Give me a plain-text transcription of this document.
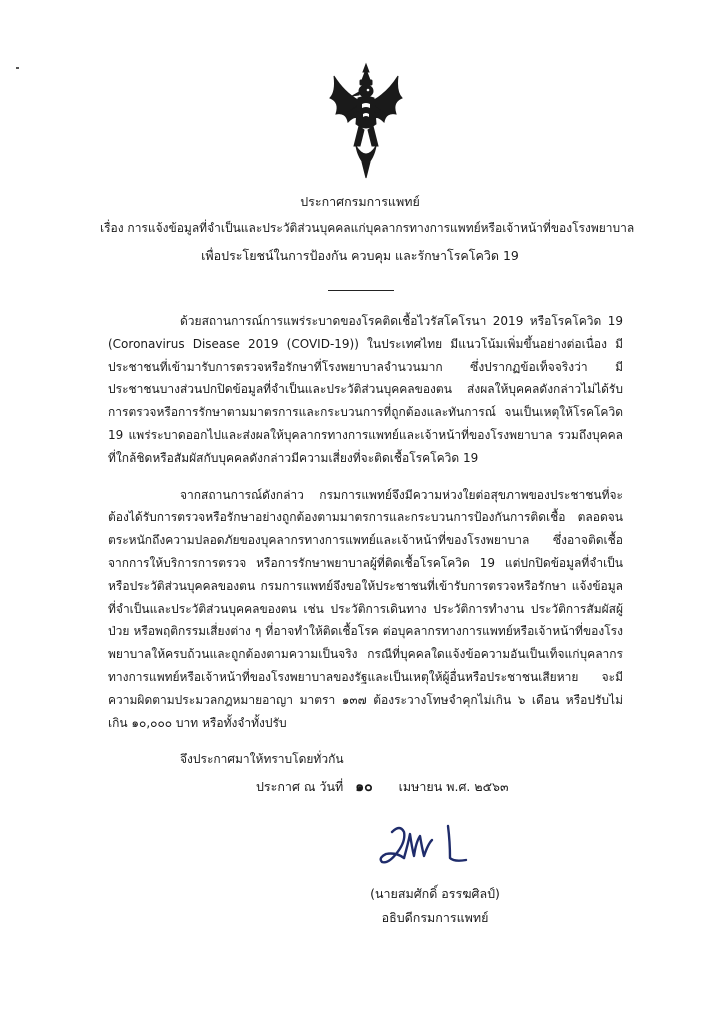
ประกาศกรมการแพทย์
เรื่อง การแจ้งข้อมูลที่จำเป็นและประวัติส่วนบุคคลแก่บุคลากรทางการแพทย์หรือเจ้าหน้าที่ของโรงพยาบาล
เพื่อประโยชน์ในการป้องกัน ควบคุม และรักษาโรคโควิด 19

ด้วยสถานการณ์การแพร่ระบาดของโรคติดเชื้อไวรัสโคโรนา 2019 หรือโรคโควิด 19 (Coronavirus Disease 2019 (COVID-19)) ในประเทศไทย มีแนวโน้มเพิ่มขึ้นอย่างต่อเนื่อง มีประชาชนที่เข้ามารับการตรวจหรือรักษาที่โรงพยาบาลจำนวนมาก ซึ่งปรากฏข้อเท็จจริงว่า มีประชาชนบางส่วนปกปิดข้อมูลที่จำเป็นและประวัติส่วนบุคคลของตน ส่งผลให้บุคคลดังกล่าวไม่ได้รับการตรวจหรือการรักษาตามมาตรการและกระบวนการที่ถูกต้องและทันการณ์ จนเป็นเหตุให้โรคโควิด 19 แพร่ระบาดออกไปและส่งผลให้บุคลากรทางการแพทย์และเจ้าหน้าที่ของโรงพยาบาล รวมถึงบุคคลที่ใกล้ชิดหรือสัมผัสกับบุคคลดังกล่าวมีความเสี่ยงที่จะติดเชื้อโรคโควิด 19

จากสถานการณ์ดังกล่าว กรมการแพทย์จึงมีความห่วงใยต่อสุขภาพของประชาชนที่จะต้องได้รับการตรวจหรือรักษาอย่างถูกต้องตามมาตรการและกระบวนการป้องกันการติดเชื้อ ตลอดจนตระหนักถึงความปลอดภัยของบุคลากรทางการแพทย์และเจ้าหน้าที่ของโรงพยาบาล ซึ่งอาจติดเชื้อจากการให้บริการการตรวจ หรือการรักษาพยาบาลผู้ที่ติดเชื้อโรคโควิด 19 แต่ปกปิดข้อมูลที่จำเป็นหรือประวัติส่วนบุคคลของตน กรมการแพทย์จึงขอให้ประชาชนที่เข้ารับการตรวจหรือรักษา แจ้งข้อมูลที่จำเป็นและประวัติส่วนบุคคลของตน เช่น ประวัติการเดินทาง ประวัติการทำงาน ประวัติการสัมผัสผู้ป่วย หรือพฤติกรรมเสี่ยงต่าง ๆ ที่อาจทำให้ติดเชื้อโรค ต่อบุคลากรทางการแพทย์หรือเจ้าหน้าที่ของโรงพยาบาลให้ครบถ้วนและถูกต้องตามความเป็นจริง กรณีที่บุคคลใดแจ้งข้อความอันเป็นเท็จแก่บุคลากรทางการแพทย์หรือเจ้าหน้าที่ของโรงพยาบาลของรัฐและเป็นเหตุให้ผู้อื่นหรือประชาชนเสียหาย จะมีความผิดตามประมวลกฎหมายอาญา มาตรา ๑๓๗ ต้องระวางโทษจำคุกไม่เกิน ๖ เดือน หรือปรับไม่เกิน ๑๐,๐๐๐ บาท หรือทั้งจำทั้งปรับ

จึงประกาศมาให้ทราบโดยทั่วกัน

ประกาศ ณ วันที่ ๑๐ เมษายน พ.ศ. ๒๕๖๓
(นายสมศักดิ์ อรรฆศิลป์)
อธิบดีกรมการแพทย์
